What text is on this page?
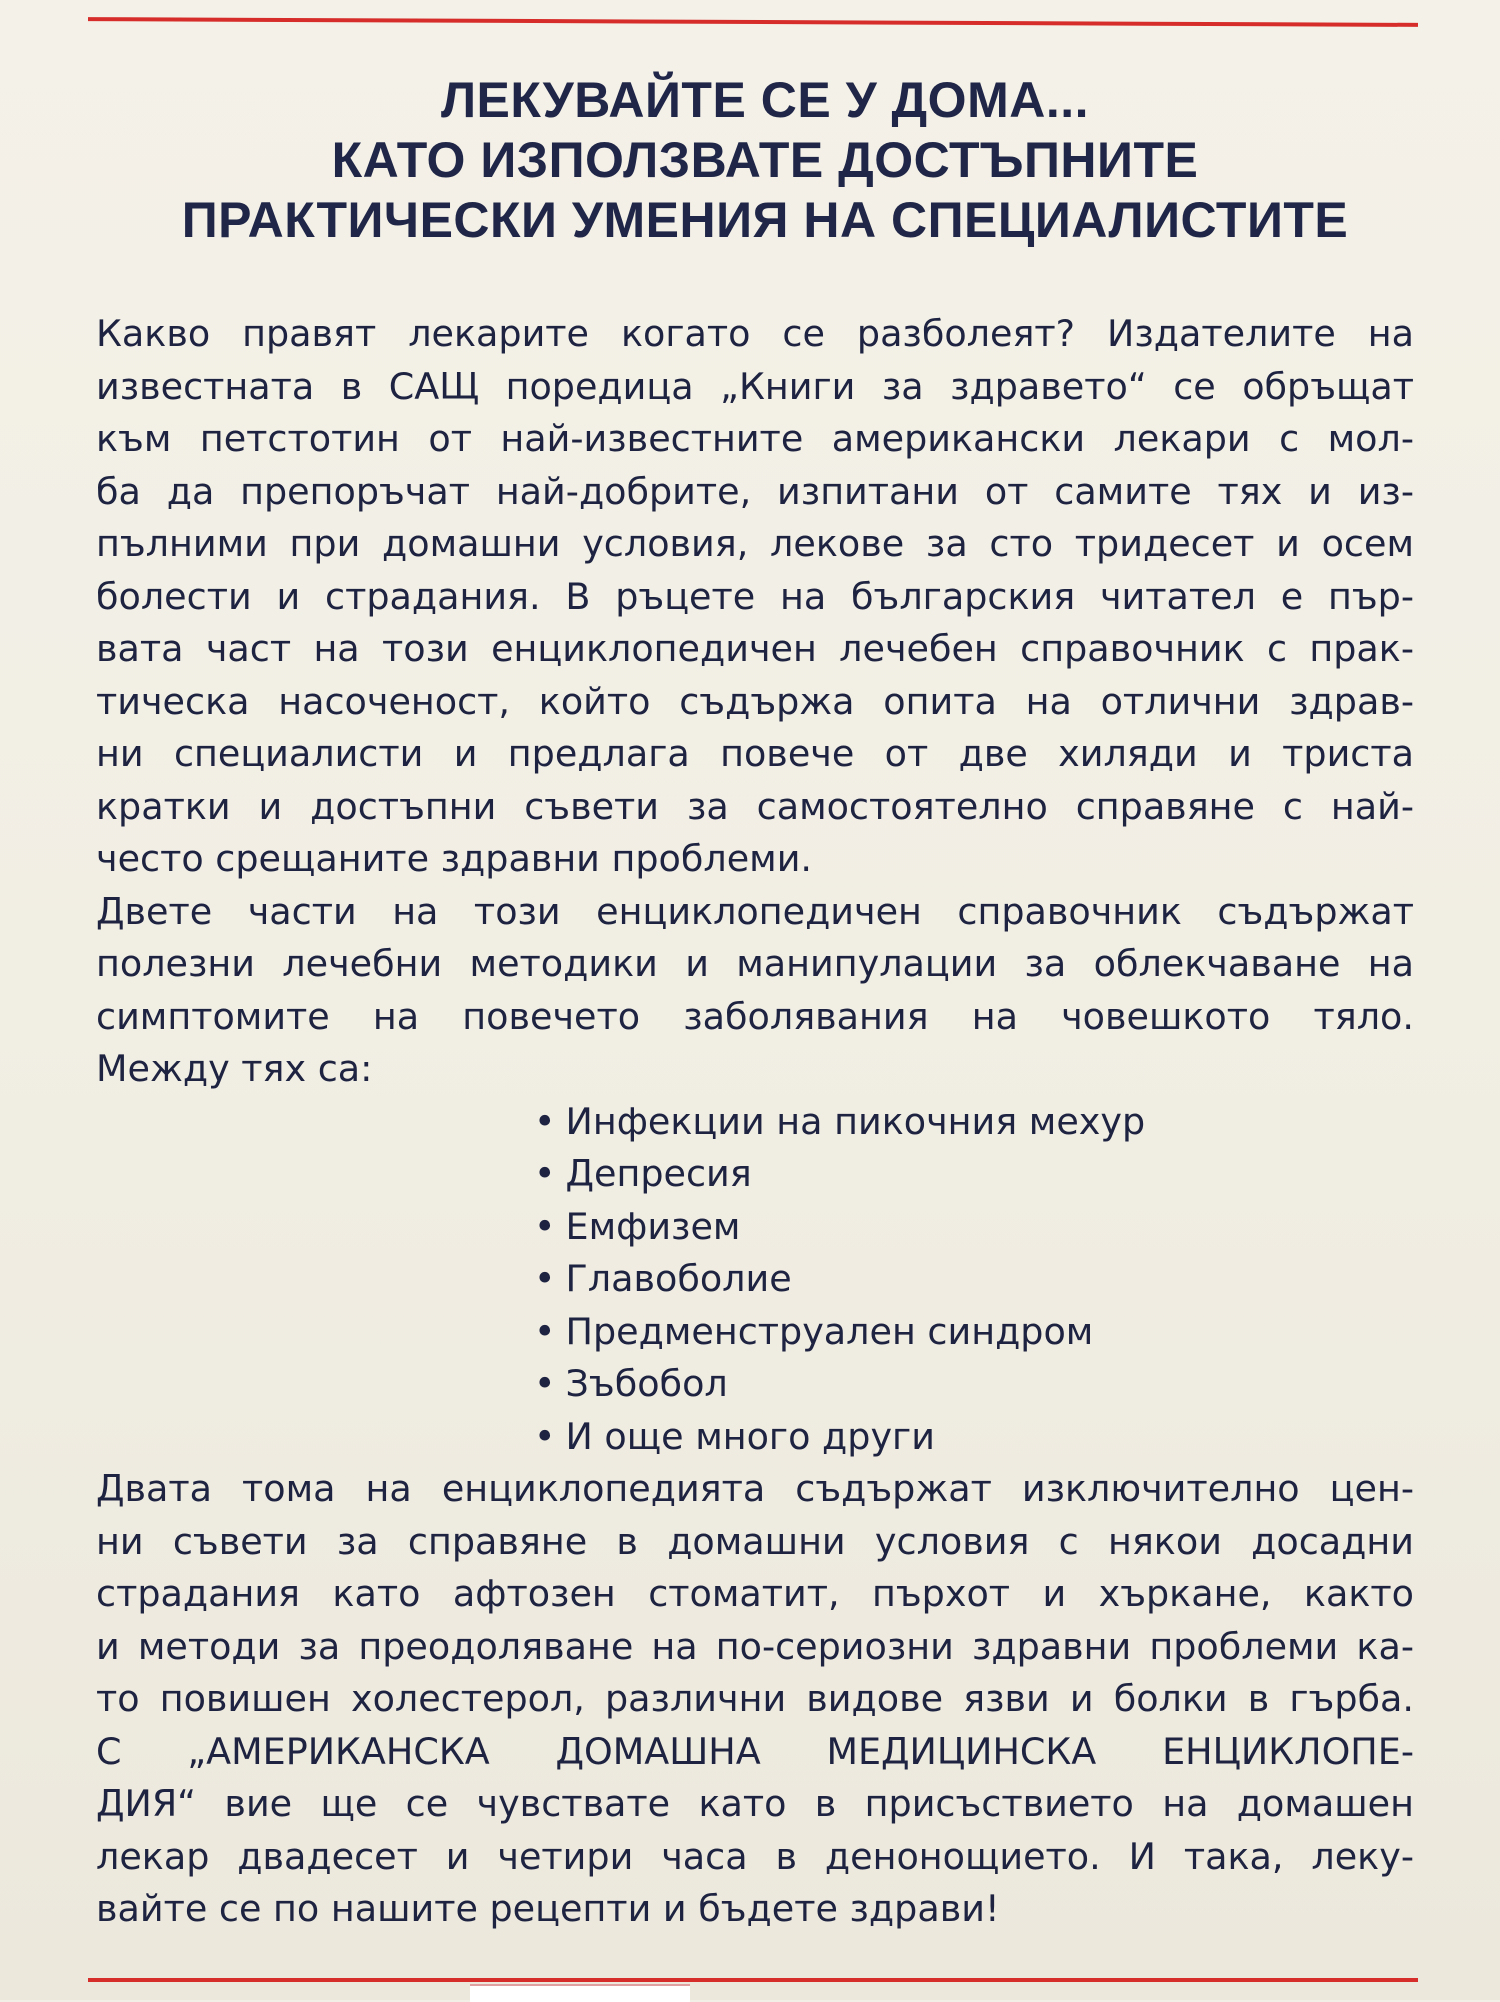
ЛЕКУВАЙТЕ СЕ У ДОМА...
КАТО ИЗПОЛЗВАТЕ ДОСТЪПНИТЕ
ПРАКТИЧЕСКИ УМЕНИЯ НА СПЕЦИАЛИСТИТЕ
Какво правят лекарите когато се разболеят? Издателите на
известната в САЩ поредица „Книги за здравето“ се обръщат
към петстотин от най-известните американски лекари с мол-
ба да препоръчат най-добрите, изпитани от самите тях и из-
пълними при домашни условия, лекове за сто тридесет и осем
болести и страдания. В ръцете на българския читател е пър-
вата част на този енциклопедичен лечебен справочник с прак-
тическа насоченост, който съдържа опита на отлични здрав-
ни специалисти и предлага повече от две хиляди и триста
кратки и достъпни съвети за самостоятелно справяне с най-
често срещаните здравни проблеми.
Двете части на този енциклопедичен справочник съдържат
полезни лечебни методики и манипулации за облекчаване на
симптомите на повечето заболявания на човешкото тяло.
Между тях са:
• Инфекции на пикочния мехур
• Депресия
• Емфизем
• Главоболие
• Предменструален синдром
• Зъбобол
• И още много други
Двата тома на енциклопедията съдържат изключително цен-
ни съвети за справяне в домашни условия с някои досадни
страдания като афтозен стоматит, пърхот и хъркане, както
и методи за преодоляване на по-сериозни здравни проблеми ка-
то повишен холестерол, различни видове язви и болки в гърба.
С „АМЕРИКАНСКА ДОМАШНА МЕДИЦИНСКА ЕНЦИКЛОПЕ-
ДИЯ“ вие ще се чувствате като в присъствието на домашен
лекар двадесет и четири часа в денонощието. И така, леку-
вайте се по нашите рецепти и бъдете здрави!
